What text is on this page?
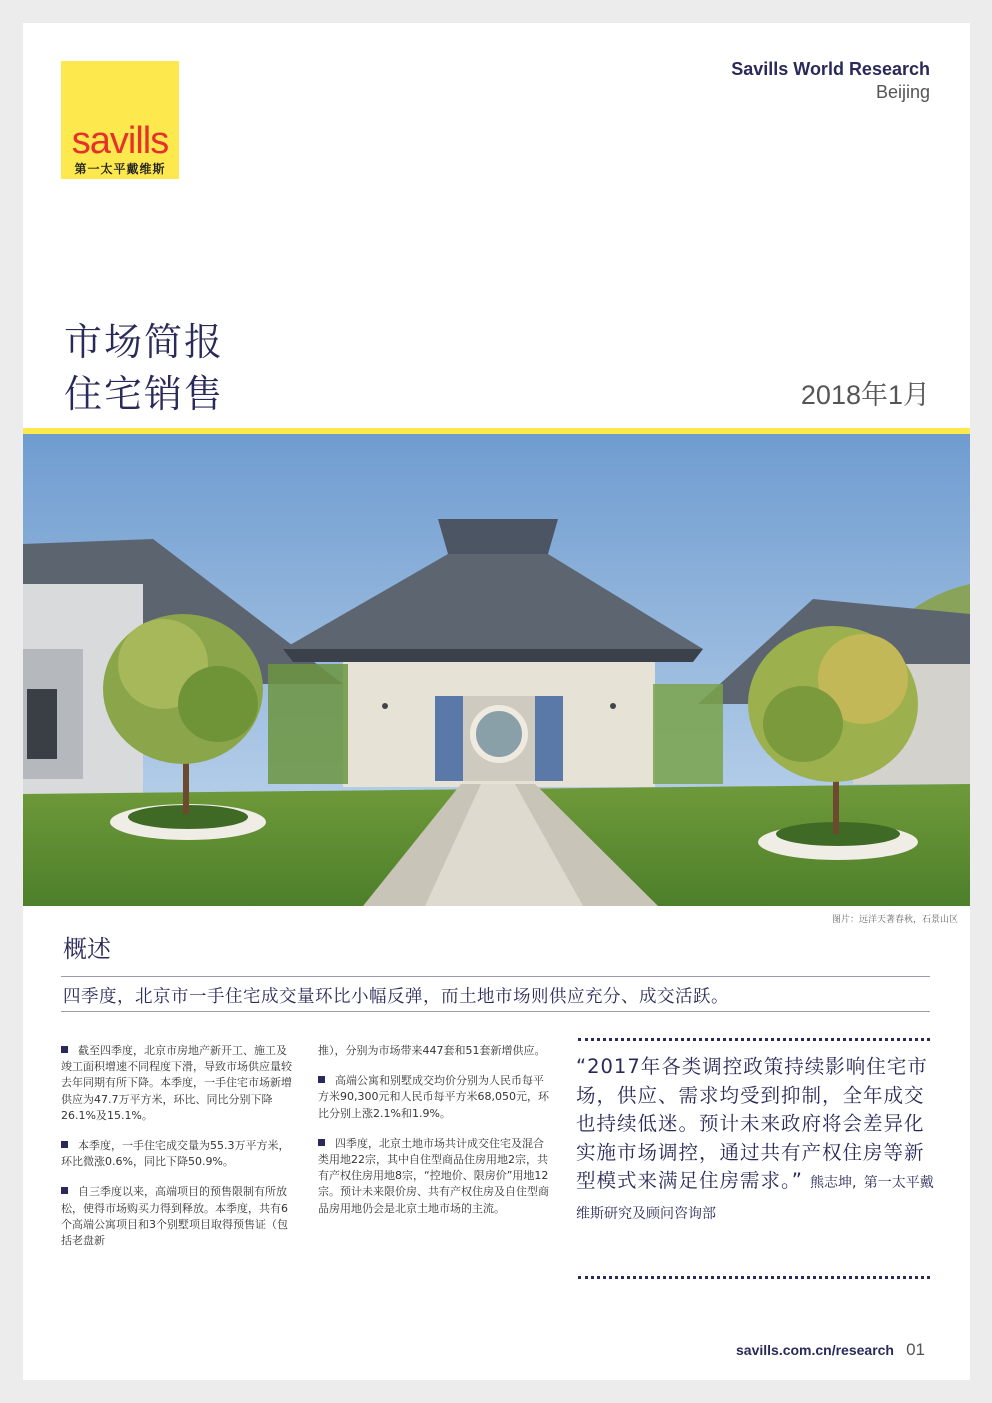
savills
第一太平戴维斯
Savills World Research
Beijing
市场简报
住宅销售	2018年1月
图片：远洋天著春秋，石景山区
概述
四季度，北京市一手住宅成交量环比小幅反弹，而土地市场则供应充分、成交活跃。

截至四季度，北京市房地产新开工、施工及竣工面积增速不同程度下滑，导致市场供应量较去年同期有所下降。本季度，一手住宅市场新增供应为47.7万平方米，环比、同比分别下降26.1%及15.1%。

本季度，一手住宅成交量为55.3万平方米，环比微涨0.6%，同比下降50.9%。

自三季度以来，高端项目的预售限制有所放松，使得市场购买力得到释放。本季度，共有6个高端公寓项目和3个别墅项目取得预售证（包括老盘新

推），分别为市场带来447套和51套新增供应。

高端公寓和别墅成交均价分别为人民币每平方米90,300元和人民币每平方米68,050元，环比分别上涨2.1%和1.9%。

四季度，北京土地市场共计成交住宅及混合类用地22宗，其中自住型商品住房用地2宗，共有产权住房用地8宗，“控地价、限房价”用地12宗。预计未来限价房、共有产权住房及自住型商品房用地仍会是北京土地市场的主流。

“2017年各类调控政策持续影响住宅市场，供应、需求均受到抑制，全年成交也持续低迷。预计未来政府将会差异化实施市场调控，通过共有产权住房等新型模式来满足住房需求。” 熊志坤, 第一太平戴维斯研究及顾问咨询部
savills.com.cn/research 01
